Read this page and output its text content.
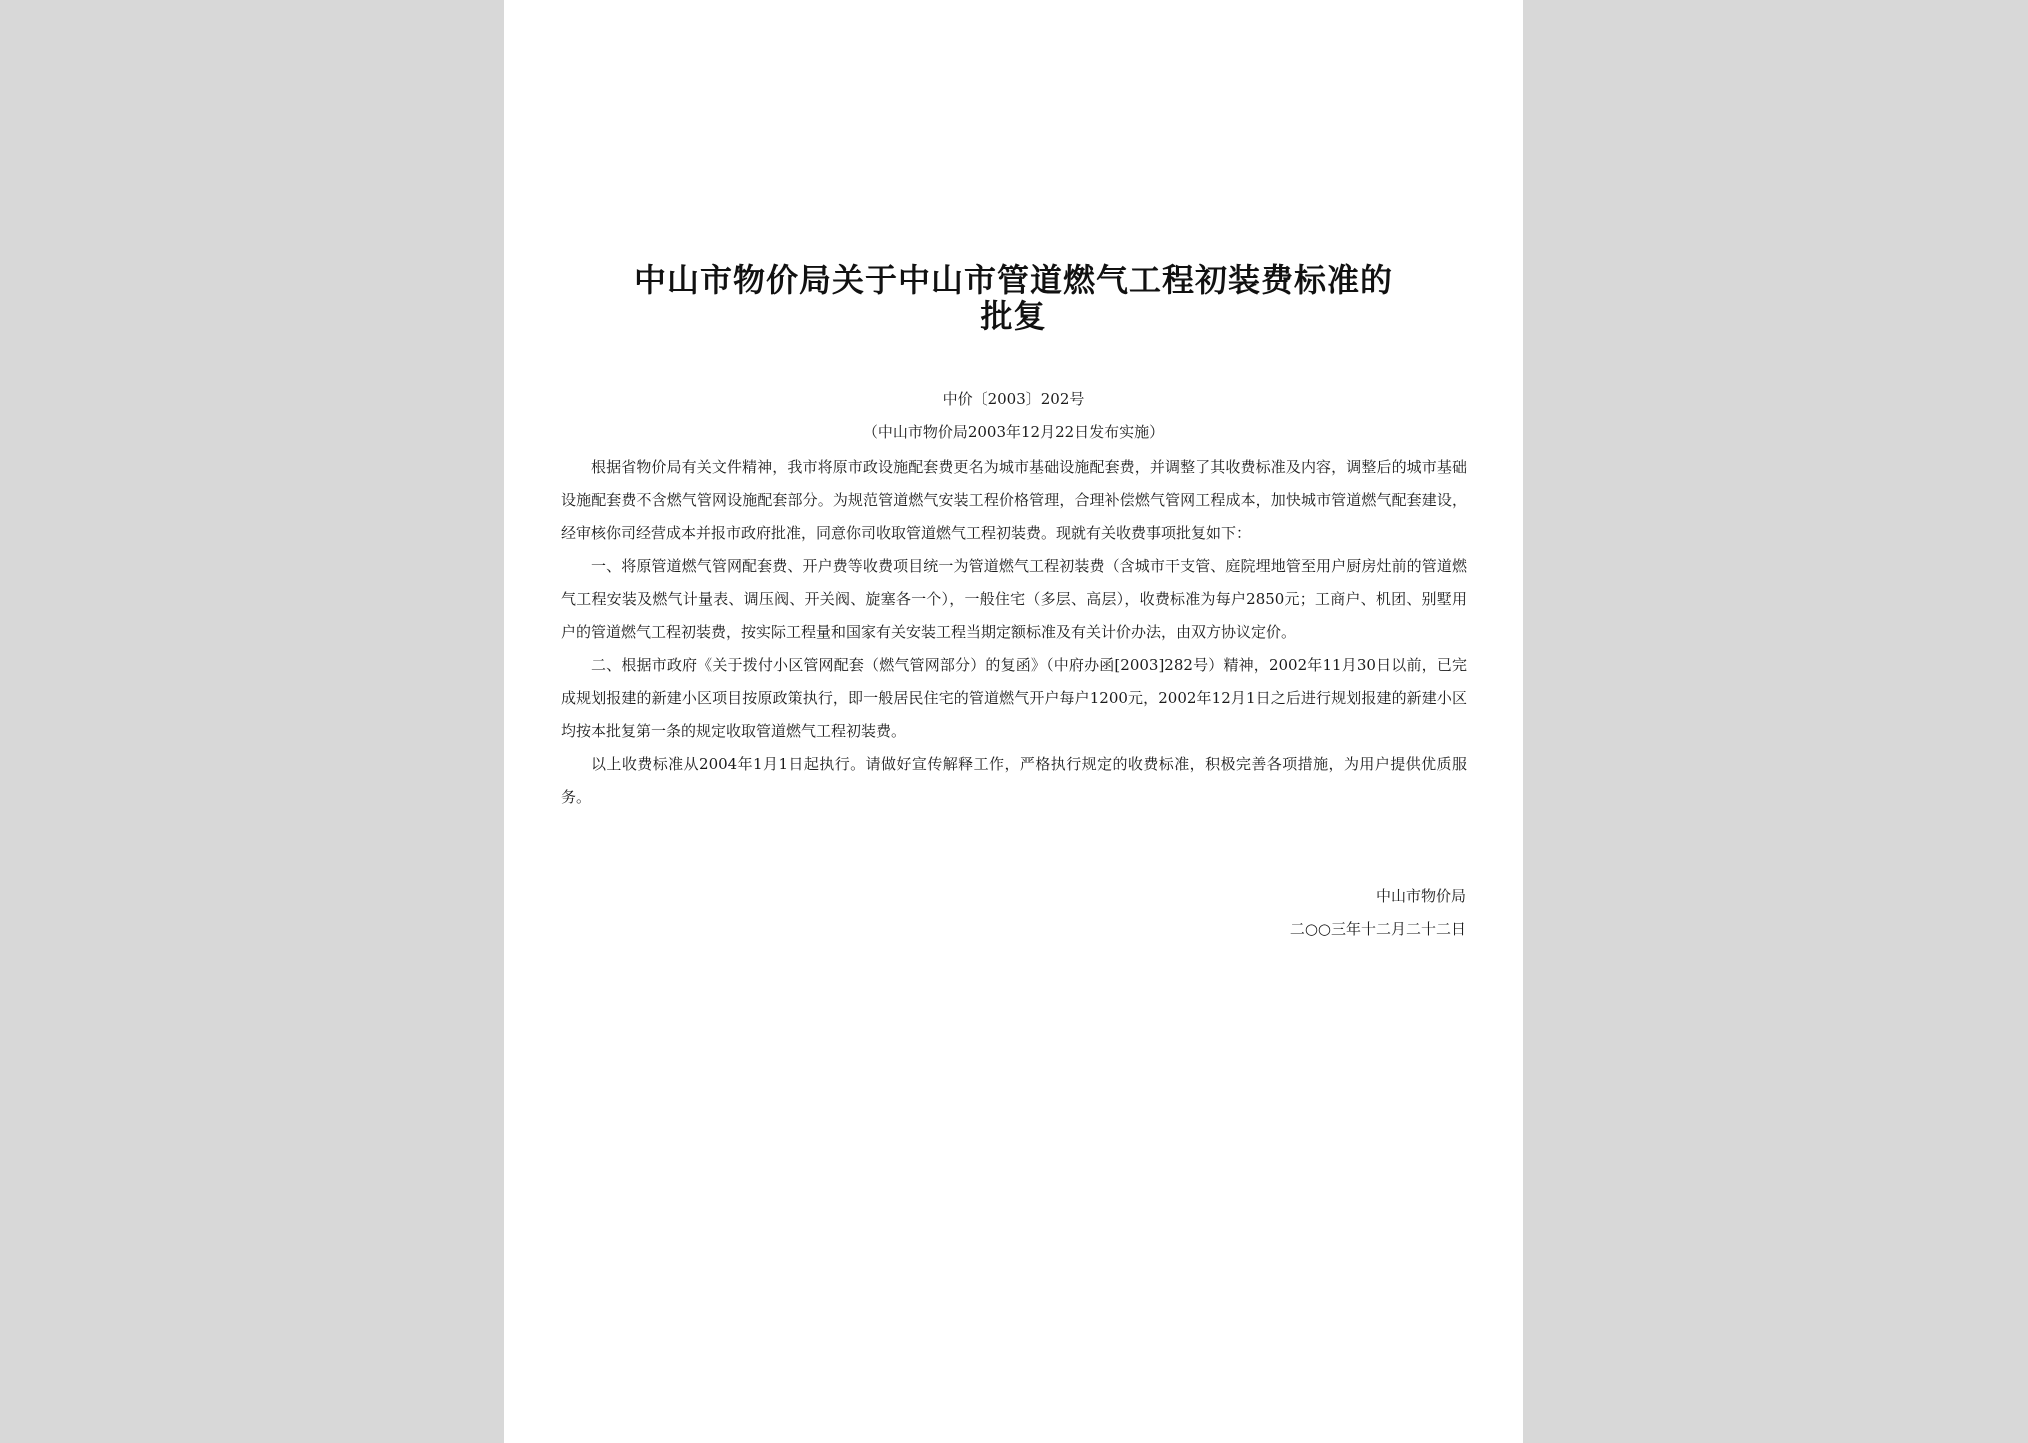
中山市物价局关于中山市管道燃气工程初装费标准的
批复
中价〔2003〕202号
（中山市物价局2003年12月22日发布实施）

根据省物价局有关文件精神，我市将原市政设施配套费更名为城市基础设施配套费，并调整了其收费标准及内容，调整后的城市基础设施配套费不含燃气管网设施配套部分。为规范管道燃气安装工程价格管理，合理补偿燃气管网工程成本，加快城市管道燃气配套建设，经审核你司经营成本并报市政府批准，同意你司收取管道燃气工程初装费。现就有关收费事项批复如下：

一、将原管道燃气管网配套费、开户费等收费项目统一为管道燃气工程初装费（含城市干支管、庭院埋地管至用户厨房灶前的管道燃气工程安装及燃气计量表、调压阀、开关阀、旋塞各一个），一般住宅（多层、高层），收费标准为每户2850元；工商户、机团、别墅用户的管道燃气工程初装费，按实际工程量和国家有关安装工程当期定额标准及有关计价办法，由双方协议定价。

二、根据市政府《关于拨付小区管网配套（燃气管网部分）的复函》（中府办函[2003]282号）精神，2002年11月30日以前，已完成规划报建的新建小区项目按原政策执行，即一般居民住宅的管道燃气开户每户1200元，2002年12月1日之后进行规划报建的新建小区均按本批复第一条的规定收取管道燃气工程初装费。

以上收费标准从2004年1月1日起执行。请做好宣传解释工作，严格执行规定的收费标准，积极完善各项措施，为用户提供优质服务。

中山市物价局
二○○三年十二月二十二日
